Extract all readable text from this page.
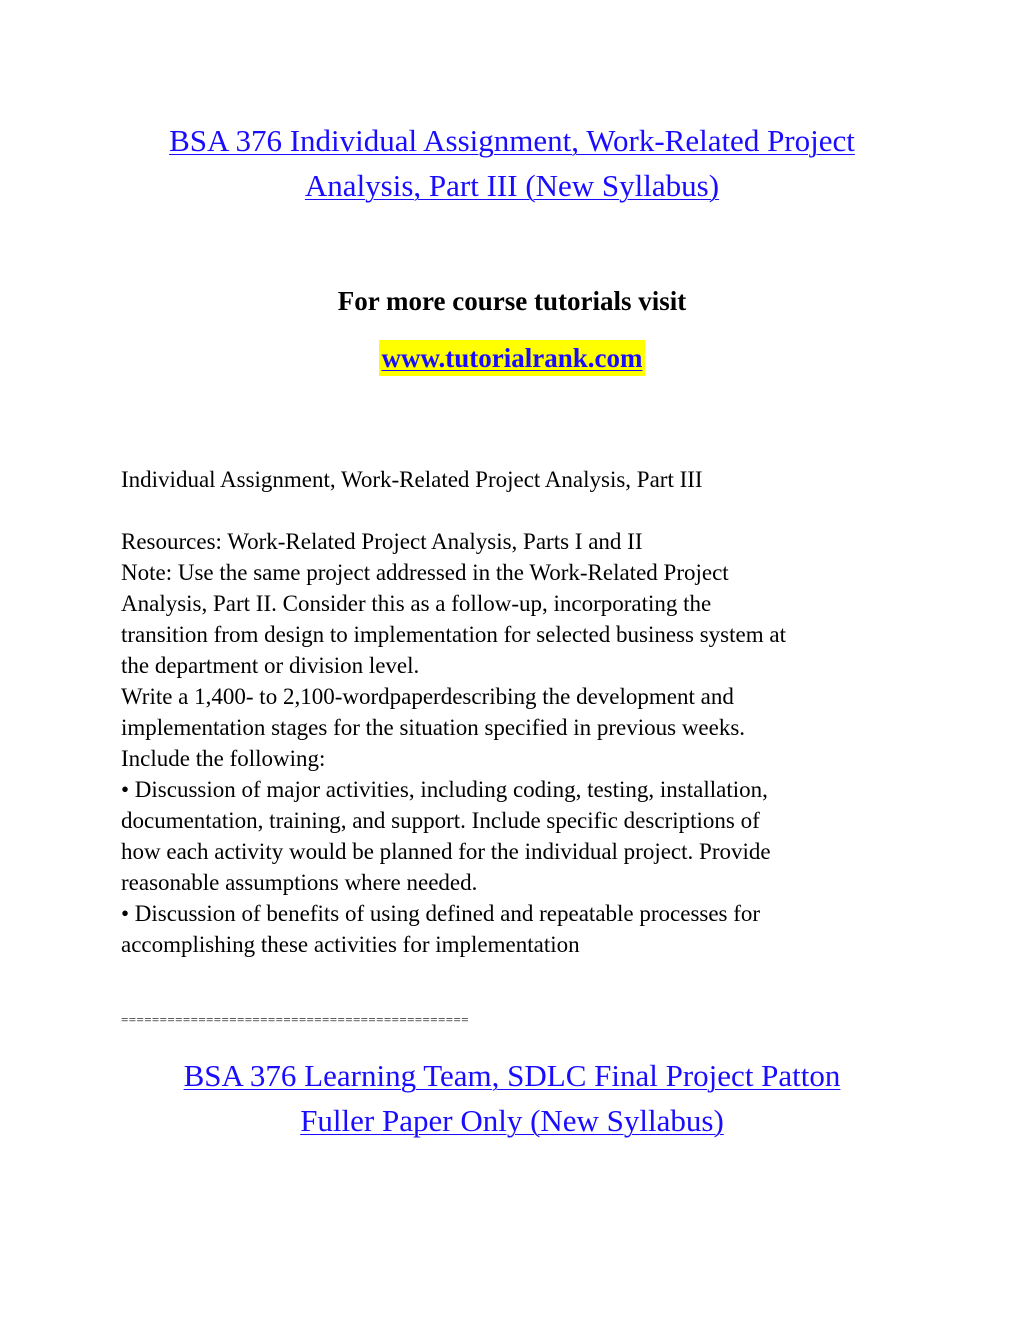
BSA 376 Individual Assignment, Work-Related Project
Analysis, Part III (New Syllabus)
For more course tutorials visit
www.tutorialrank.com
Individual Assignment, Work-Related Project Analysis, Part III
Resources: Work-Related Project Analysis, Parts I and II
Note: Use the same project addressed in the Work-Related Project
Analysis, Part II. Consider this as a follow-up, incorporating the
transition from design to implementation for selected business system at
the department or division level.
Write a 1,400- to 2,100-wordpaperdescribing the development and
implementation stages for the situation specified in previous weeks.
Include the following:
• Discussion of major activities, including coding, testing, installation,
documentation, training, and support. Include specific descriptions of
how each activity would be planned for the individual project. Provide
reasonable assumptions where needed.
• Discussion of benefits of using defined and repeatable processes for
accomplishing these activities for implementation
=============================================
BSA 376 Learning Team, SDLC Final Project Patton
Fuller Paper Only (New Syllabus)
